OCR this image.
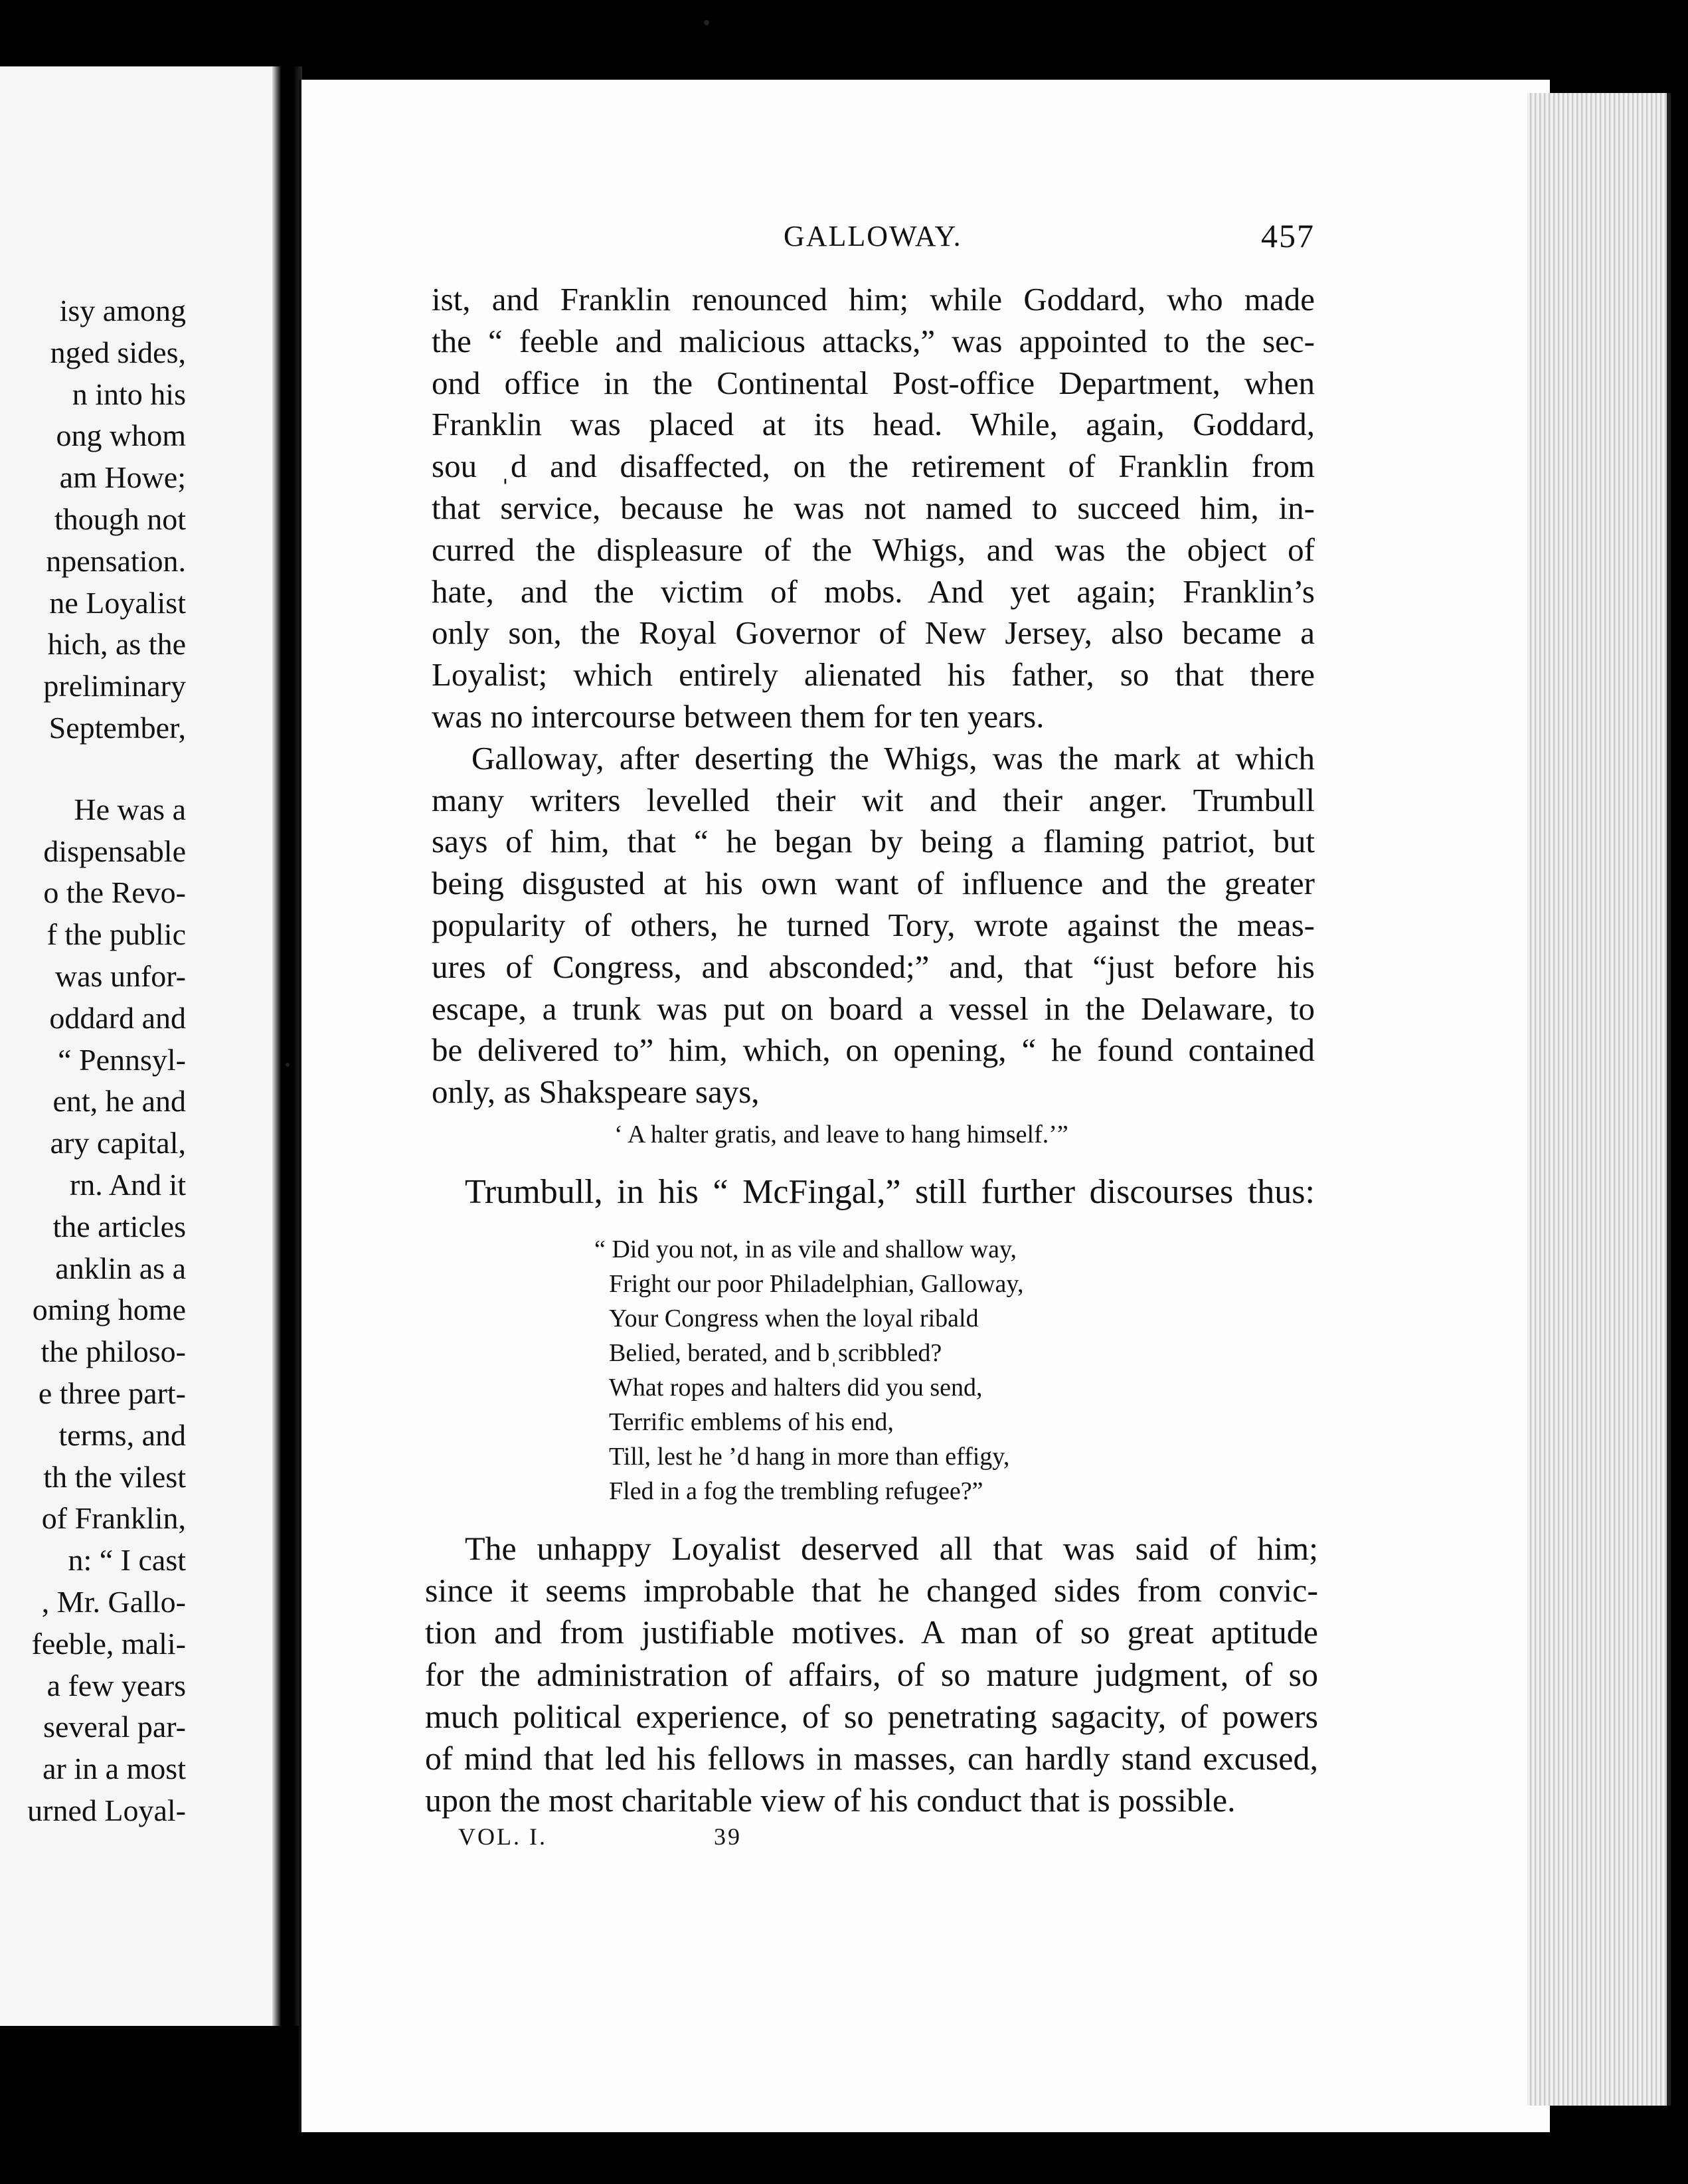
isy among
nged sides,
n into his
ong whom
am Howe;
though not
npensation.
ne Loyalist
hich, as the
preliminary
September,
He was a
dispensable
o the Revo-
f the public
was unfor-
oddard and
“ Pennsyl-
ent, he and
ary capital,
rn. And it
the articles
anklin as a
oming home
the philoso-
e three part-
terms, and
th the vilest
of Franklin,
n: “ I cast
, Mr. Gallo-
feeble, mali-
a few years
several par-
ar in a most
urned Loyal-
GALLOWAY.	457
ist, and Franklin renounced him; while Goddard, who made
the “ feeble and malicious attacks,” was appointed to the sec-
ond office in the Continental Post-office Department, when
Franklin was placed at its head. While, again, Goddard,
sou ˌd and disaffected, on the retirement of Franklin from
that service, because he was not named to succeed him, in-
curred the displeasure of the Whigs, and was the object of
hate, and the victim of mobs. And yet again; Franklin’s
only son, the Royal Governor of New Jersey, also became a
Loyalist; which entirely alienated his father, so that there
was no intercourse between them for ten years.
Galloway, after deserting the Whigs, was the mark at which
many writers levelled their wit and their anger. Trumbull
says of him, that “ he began by being a flaming patriot, but
being disgusted at his own want of influence and the greater
popularity of others, he turned Tory, wrote against the meas-
ures of Congress, and absconded;” and, that “just before his
escape, a trunk was put on board a vessel in the Delaware, to
be delivered to” him, which, on opening, “ he found contained
only, as Shakspeare says,
‘ A halter gratis, and leave to hang himself.’”
Trumbull, in his “ McFingal,” still further discourses thus:
“ Did you not, in as vile and shallow way,
Fright our poor Philadelphian, Galloway,
Your Congress when the loyal ribald
Belied, berated, and bˌscribbled?
What ropes and halters did you send,
Terrific emblems of his end,
Till, lest he ’d hang in more than effigy,
Fled in a fog the trembling refugee?”
The unhappy Loyalist deserved all that was said of him;
since it seems improbable that he changed sides from convic-
tion and from justifiable motives. A man of so great aptitude
for the administration of affairs, of so mature judgment, of so
much political experience, of so penetrating sagacity, of powers
of mind that led his fellows in masses, can hardly stand excused,
upon the most charitable view of his conduct that is possible.
VOL. I.	39
